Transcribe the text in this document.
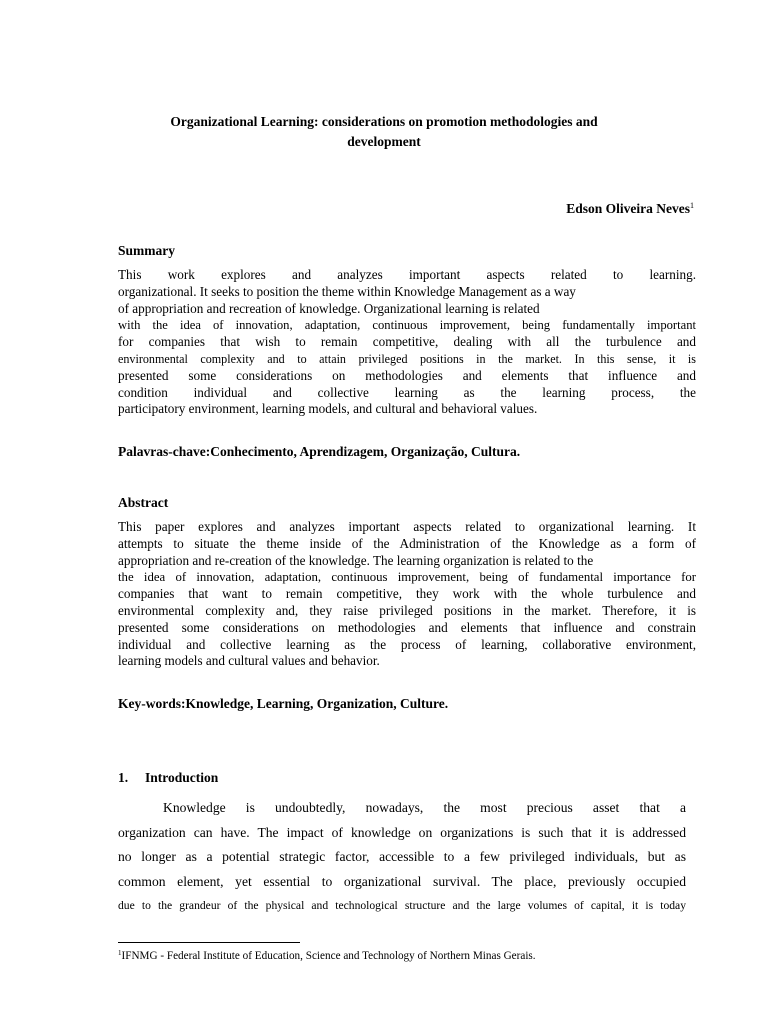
Organizational Learning: considerations on promotion methodologies and
development
Edson Oliveira Neves$^1$
Summary
This work explores and analyzes important aspects related to learning.
organizational. It seeks to position the theme within Knowledge Management as a way
of appropriation and recreation of knowledge. Organizational learning is related
with the idea of innovation, adaptation, continuous improvement, being fundamentally important
for companies that wish to remain competitive, dealing with all the turbulence and
environmental complexity and to attain privileged positions in the market. In this sense, it is
presented some considerations on methodologies and elements that influence and
condition individual and collective learning as the learning process, the
participatory environment, learning models, and cultural and behavioral values.
Palavras-chave:Conhecimento, Aprendizagem, Organização, Cultura.
Abstract
This paper explores and analyzes important aspects related to organizational learning. It
attempts to situate the theme inside of the Administration of the Knowledge as a form of
appropriation and re-creation of the knowledge. The learning organization is related to the
the idea of innovation, adaptation, continuous improvement, being of fundamental importance for
companies that want to remain competitive, they work with the whole turbulence and
environmental complexity and, they raise privileged positions in the market. Therefore, it is
presented some considerations on methodologies and elements that influence and constrain
individual and collective learning as the process of learning, collaborative environment,
learning models and cultural values and behavior.
Key-words:Knowledge, Learning, Organization, Culture.
1. Introduction
Knowledge is undoubtedly, nowadays, the most precious asset that a
organization can have. The impact of knowledge on organizations is such that it is addressed
no longer as a potential strategic factor, accessible to a few privileged individuals, but as
common element, yet essential to organizational survival. The place, previously occupied
due to the grandeur of the physical and technological structure and the large volumes of capital, it is today
$^1$IFNMG - Federal Institute of Education, Science and Technology of Northern Minas Gerais.
